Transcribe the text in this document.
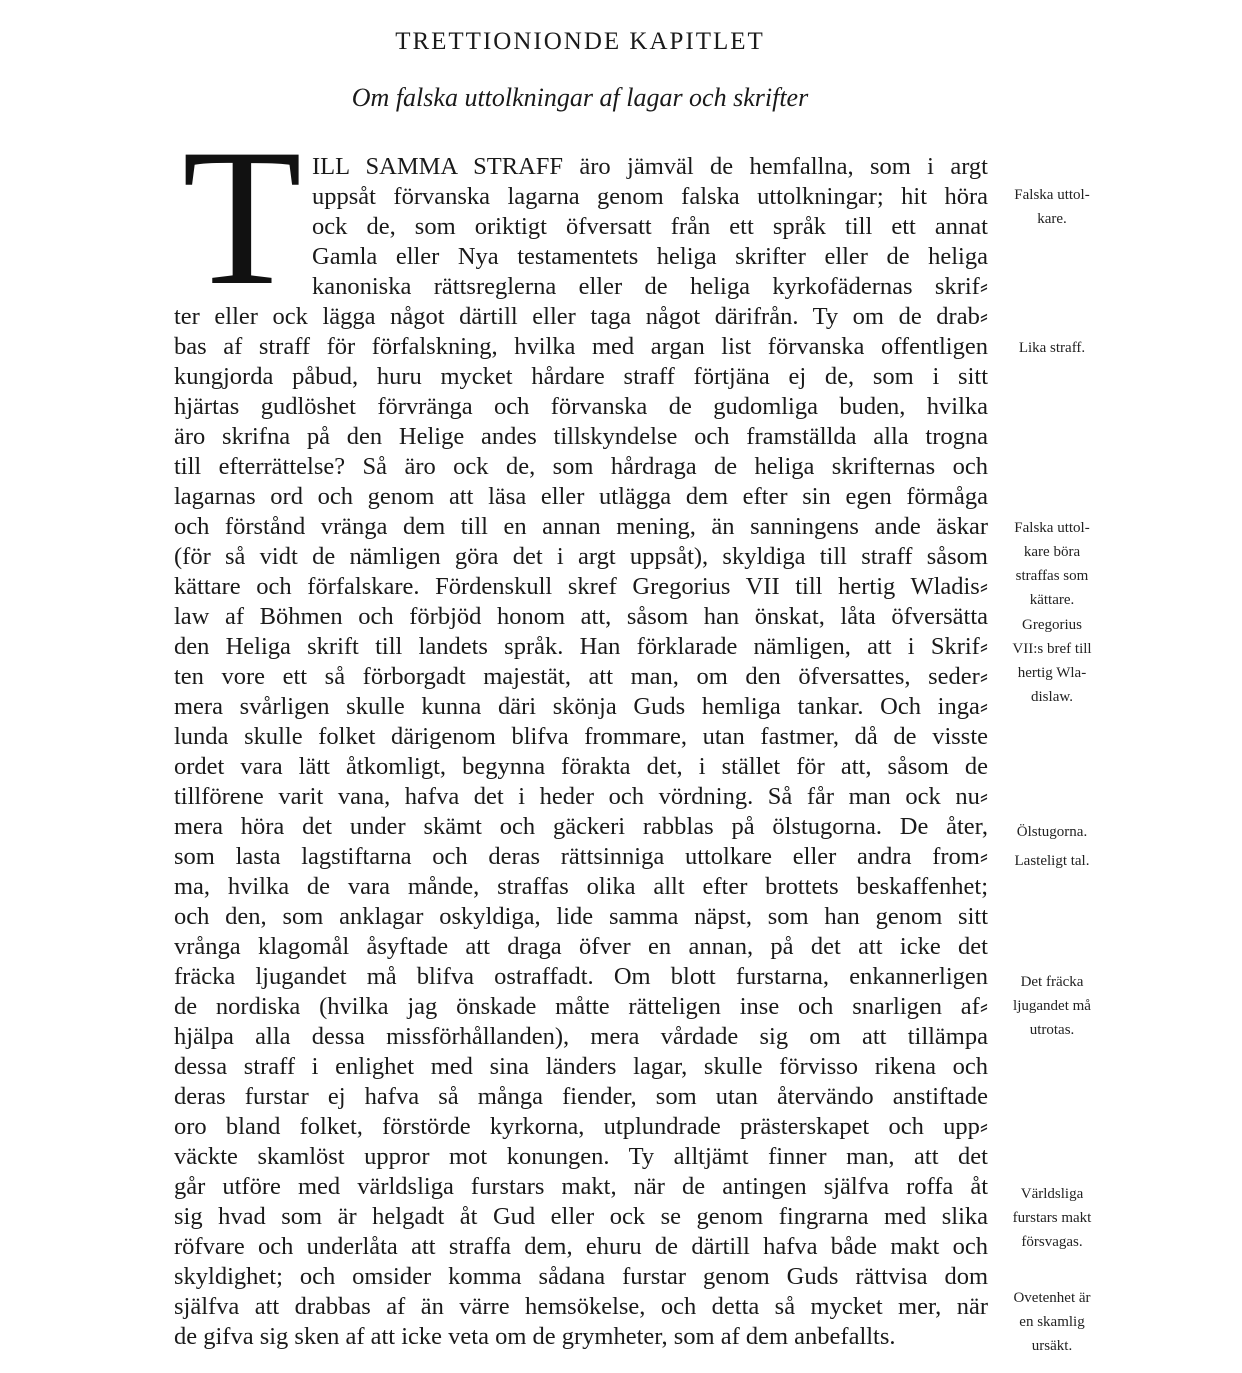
TRETTIONIONDE KAPITLET
Om falska uttolkningar af lagar och skrifter
T ILL SAMMA STRAFF äro jämväl de hemfallna, som i argt
uppsåt förvanska lagarna genom falska uttolkningar; hit höra
ock de, som oriktigt öfversatt från ett språk till ett annat
Gamla eller Nya testamentets heliga skrifter eller de heliga
kanoniska rättsreglerna eller de heliga kyrkofädernas skrif⸗
ter eller ock lägga något därtill eller taga något därifrån. Ty om de drab⸗
bas af straff för förfalskning, hvilka med argan list förvanska offentligen
kungjorda påbud, huru mycket hårdare straff förtjäna ej de, som i sitt
hjärtas gudlöshet förvränga och förvanska de gudomliga buden, hvilka
äro skrifna på den Helige andes tillskyndelse och framställda alla trogna
till efterrättelse? Så äro ock de, som hårdraga de heliga skrifternas och
lagarnas ord och genom att läsa eller utlägga dem efter sin egen förmåga
och förstånd vränga dem till en annan mening, än sanningens ande äskar
(för så vidt de nämligen göra det i argt uppsåt), skyldiga till straff såsom
kättare och förfalskare. Fördenskull skref Gregorius VII till hertig Wladis⸗
law af Böhmen och förbjöd honom att, såsom han önskat, låta öfversätta
den Heliga skrift till landets språk. Han förklarade nämligen, att i Skrif⸗
ten vore ett så förborgadt majestät, att man, om den öfversattes, seder⸗
mera svårligen skulle kunna däri skönja Guds hemliga tankar. Och inga⸗
lunda skulle folket därigenom blifva frommare, utan fastmer, då de visste
ordet vara lätt åtkomligt, begynna förakta det, i stället för att, såsom de
tillförene varit vana, hafva det i heder och vördning. Så får man ock nu⸗
mera höra det under skämt och gäckeri rabblas på ölstugorna. De åter,
som lasta lagstiftarna och deras rättsinniga uttolkare eller andra from⸗
ma, hvilka de vara månde, straffas olika allt efter brottets beskaffenhet;
och den, som anklagar oskyldiga, lide samma näpst, som han genom sitt
vrånga klagomål åsyftade att draga öfver en annan, på det att icke det
fräcka ljugandet må blifva ostraffadt. Om blott furstarna, enkannerligen
de nordiska (hvilka jag önskade måtte rätteligen inse och snarligen af⸗
hjälpa alla dessa missförhållanden), mera vårdade sig om att tillämpa
dessa straff i enlighet med sina länders lagar, skulle förvisso rikena och
deras furstar ej hafva så många fiender, som utan återvändo anstiftade
oro bland folket, förstörde kyrkorna, utplundrade prästerskapet och upp⸗
väckte skamlöst uppror mot konungen. Ty alltjämt finner man, att det
går utföre med världsliga furstars makt, när de antingen själfva roffa åt
sig hvad som är helgadt åt Gud eller ock se genom fingrarna med slika
röfvare och underlåta att straffa dem, ehuru de därtill hafva både makt och
skyldighet; och omsider komma sådana furstar genom Guds rättvisa dom
själfva att drabbas af än värre hemsökelse, och detta så mycket mer, när
de gifva sig sken af att icke veta om de grymheter, som af dem anbefallts.
Falska uttol-
kare.
Lika straff.
Falska uttol-
kare böra
straffas som
kättare.
Gregorius
VII:s bref till
hertig Wla-
dislaw.
Ölstugorna.
Lasteligt tal.
Det fräcka
ljugandet må
utrotas.
Världsliga
furstars makt
försvagas.
Ovetenhet är
en skamlig
ursäkt.
